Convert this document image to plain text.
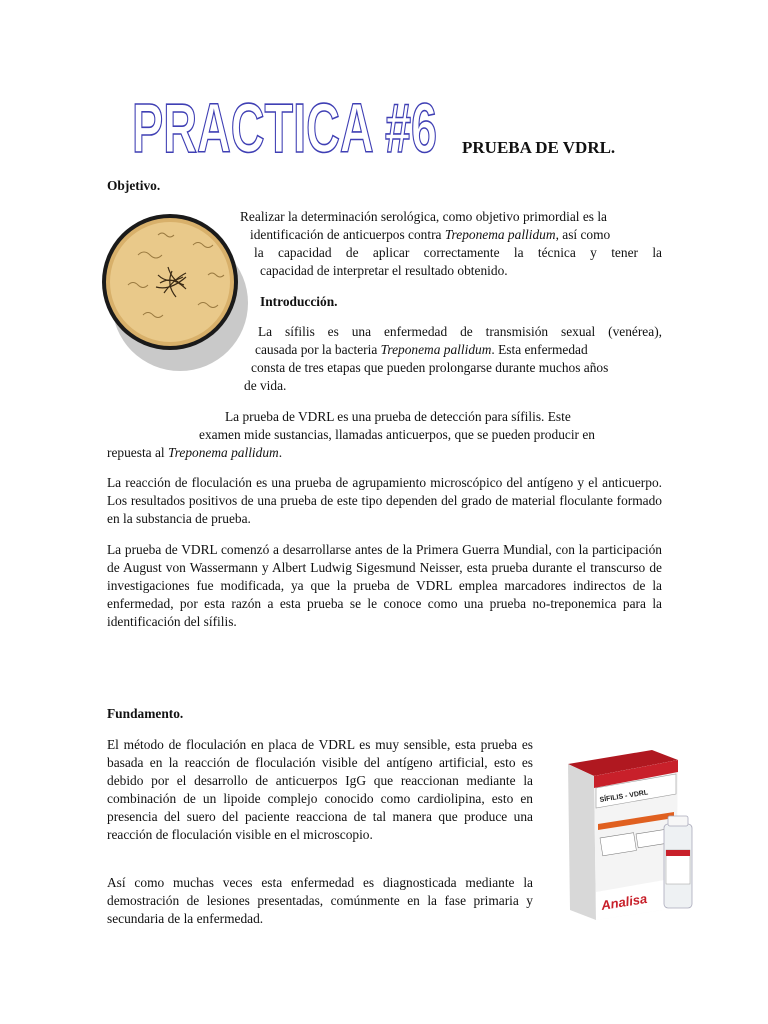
PRACTICA #6 PRUEBA DE VDRL.
Objetivo.
Realizar la determinación serológica, como objetivo primordial es la
identificación de anticuerpos contra Treponema pallidum, así como
la capacidad de aplicar correctamente la técnica y tener la
capacidad de interpretar el resultado obtenido.
Introducción.
La sífilis es una enfermedad de transmisión sexual (venérea),
causada por la bacteria Treponema pallidum. Esta enfermedad
consta de tres etapas que pueden prolongarse durante muchos años
de vida.
La prueba de VDRL es una prueba de detección para sífilis. Este
examen mide sustancias, llamadas anticuerpos, que se pueden producir en
repuesta al Treponema pallidum.
La reacción de floculación es una prueba de agrupamiento microscópico del antígeno y el anticuerpo. Los resultados positivos de una prueba de este tipo dependen del grado de material floculante formado en la substancia de prueba.
La prueba de VDRL comenzó a desarrollarse antes de la Primera Guerra Mundial, con la participación de August von Wassermann y Albert Ludwig Sigesmund Neisser, esta prueba durante el transcurso de investigaciones fue modificada, ya que la prueba de VDRL emplea marcadores indirectos de la enfermedad, por esta razón a esta prueba se le conoce como una prueba no-treponemica para la identificación del sífilis.
Fundamento.
El método de floculación en placa de VDRL es muy sensible, esta prueba es basada en la reacción de floculación visible del antígeno artificial, esto es debido por el desarrollo de anticuerpos IgG que reaccionan mediante la combinación de un lipoide complejo conocido como cardiolipina, esto en presencia del suero del paciente reacciona de tal manera que produce una reacción de floculación visible en el microscopio.
Así como muchas veces esta enfermedad es diagnosticada mediante la demostración de lesiones presentadas, comúnmente en la fase primaria y secundaria de la enfermedad.
SÍFILIS - VDRL
Analisa
